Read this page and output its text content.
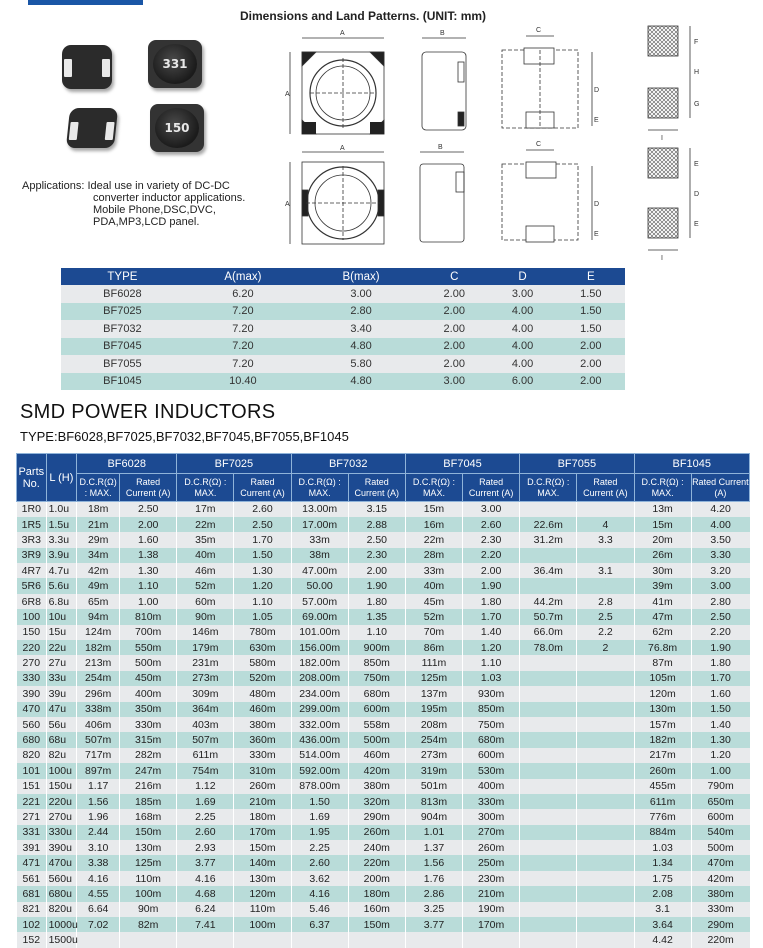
Dimensions and Land Patterns. (UNIT: mm)
331
150
Applications: Ideal use in variety of DC-DC
converter inductor applications.
Mobile Phone,DSC,DVC,
PDA,MP3,LCD panel.
A
A
B	C
D
E
A
A
B	C
D
E
F
H
G
I
E
D
E
I
TYPE	A(max)	B(max)	C	D	E
BF6028	6.20	3.00	2.00	3.00	1.50
BF7025	7.20	2.80	2.00	4.00	1.50
BF7032	7.20	3.40	2.00	4.00	1.50
BF7045	7.20	4.80	2.00	4.00	2.00
BF7055	7.20	5.80	2.00	4.00	2.00
BF1045	10.40	4.80	3.00	6.00	2.00
SMD POWER INDUCTORS
TYPE:BF6028,BF7025,BF7032,BF7045,BF7055,BF1045
Parts No.	L (H)	BF6028		BF7025		BF7032		BF7045		BF7055		BF1045	
		D.C.R(Ω) : MAX.	Rated Current (A)	D.C.R(Ω) : MAX.	Rated Current (A)	D.C.R(Ω) : MAX.	Rated Current (A)	D.C.R(Ω) : MAX.	Rated Current (A)	D.C.R(Ω) : MAX.	Rated Current (A)	D.C.R(Ω) : MAX.	Rated Current (A)
1R0	1.0u	18m	2.50	17m	2.60	13.00m	3.15	15m	3.00			13m	4.20
1R5	1.5u	21m	2.00	22m	2.50	17.00m	2.88	16m	2.60	22.6m	4	15m	4.00
3R3	3.3u	29m	1.60	35m	1.70	33m	2.50	22m	2.30	31.2m	3.3	20m	3.50
3R9	3.9u	34m	1.38	40m	1.50	38m	2.30	28m	2.20			26m	3.30
4R7	4.7u	42m	1.30	46m	1.30	47.00m	2.00	33m	2.00	36.4m	3.1	30m	3.20
5R6	5.6u	49m	1.10	52m	1.20	50.00	1.90	40m	1.90			39m	3.00
6R8	6.8u	65m	1.00	60m	1.10	57.00m	1.80	45m	1.80	44.2m	2.8	41m	2.80
100	10u	94m	810m	90m	1.05	69.00m	1.35	52m	1.70	50.7m	2.5	47m	2.50
150	15u	124m	700m	146m	780m	101.00m	1.10	70m	1.40	66.0m	2.2	62m	2.20
220	22u	182m	550m	179m	630m	156.00m	900m	86m	1.20	78.0m	2	76.8m	1.90
270	27u	213m	500m	231m	580m	182.00m	850m	111m	1.10			87m	1.80
330	33u	254m	450m	273m	520m	208.00m	750m	125m	1.03			105m	1.70
390	39u	296m	400m	309m	480m	234.00m	680m	137m	930m			120m	1.60
470	47u	338m	350m	364m	460m	299.00m	600m	195m	850m			130m	1.50
560	56u	406m	330m	403m	380m	332.00m	558m	208m	750m			157m	1.40
680	68u	507m	315m	507m	360m	436.00m	500m	254m	680m			182m	1.30
820	82u	717m	282m	611m	330m	514.00m	460m	273m	600m			217m	1.20
101	100u	897m	247m	754m	310m	592.00m	420m	319m	530m			260m	1.00
151	150u	1.17	216m	1.12	260m	878.00m	380m	501m	400m			455m	790m
221	220u	1.56	185m	1.69	210m	1.50	320m	813m	330m			611m	650m
271	270u	1.96	168m	2.25	180m	1.69	290m	904m	300m			776m	600m
331	330u	2.44	150m	2.60	170m	1.95	260m	1.01	270m			884m	540m
391	390u	3.10	130m	2.93	150m	2.25	240m	1.37	260m			1.03	500m
471	470u	3.38	125m	3.77	140m	2.60	220m	1.56	250m			1.34	470m
561	560u	4.16	110m	4.16	130m	3.62	200m	1.76	230m			1.75	420m
681	680u	4.55	100m	4.68	120m	4.16	180m	2.86	210m			2.08	380m
821	820u	6.64	90m	6.24	110m	5.46	160m	3.25	190m			3.1	330m
102	1000u	7.02	82m	7.41	100m	6.37	150m	3.77	170m			3.64	290m
152	1500u											4.42	220m
